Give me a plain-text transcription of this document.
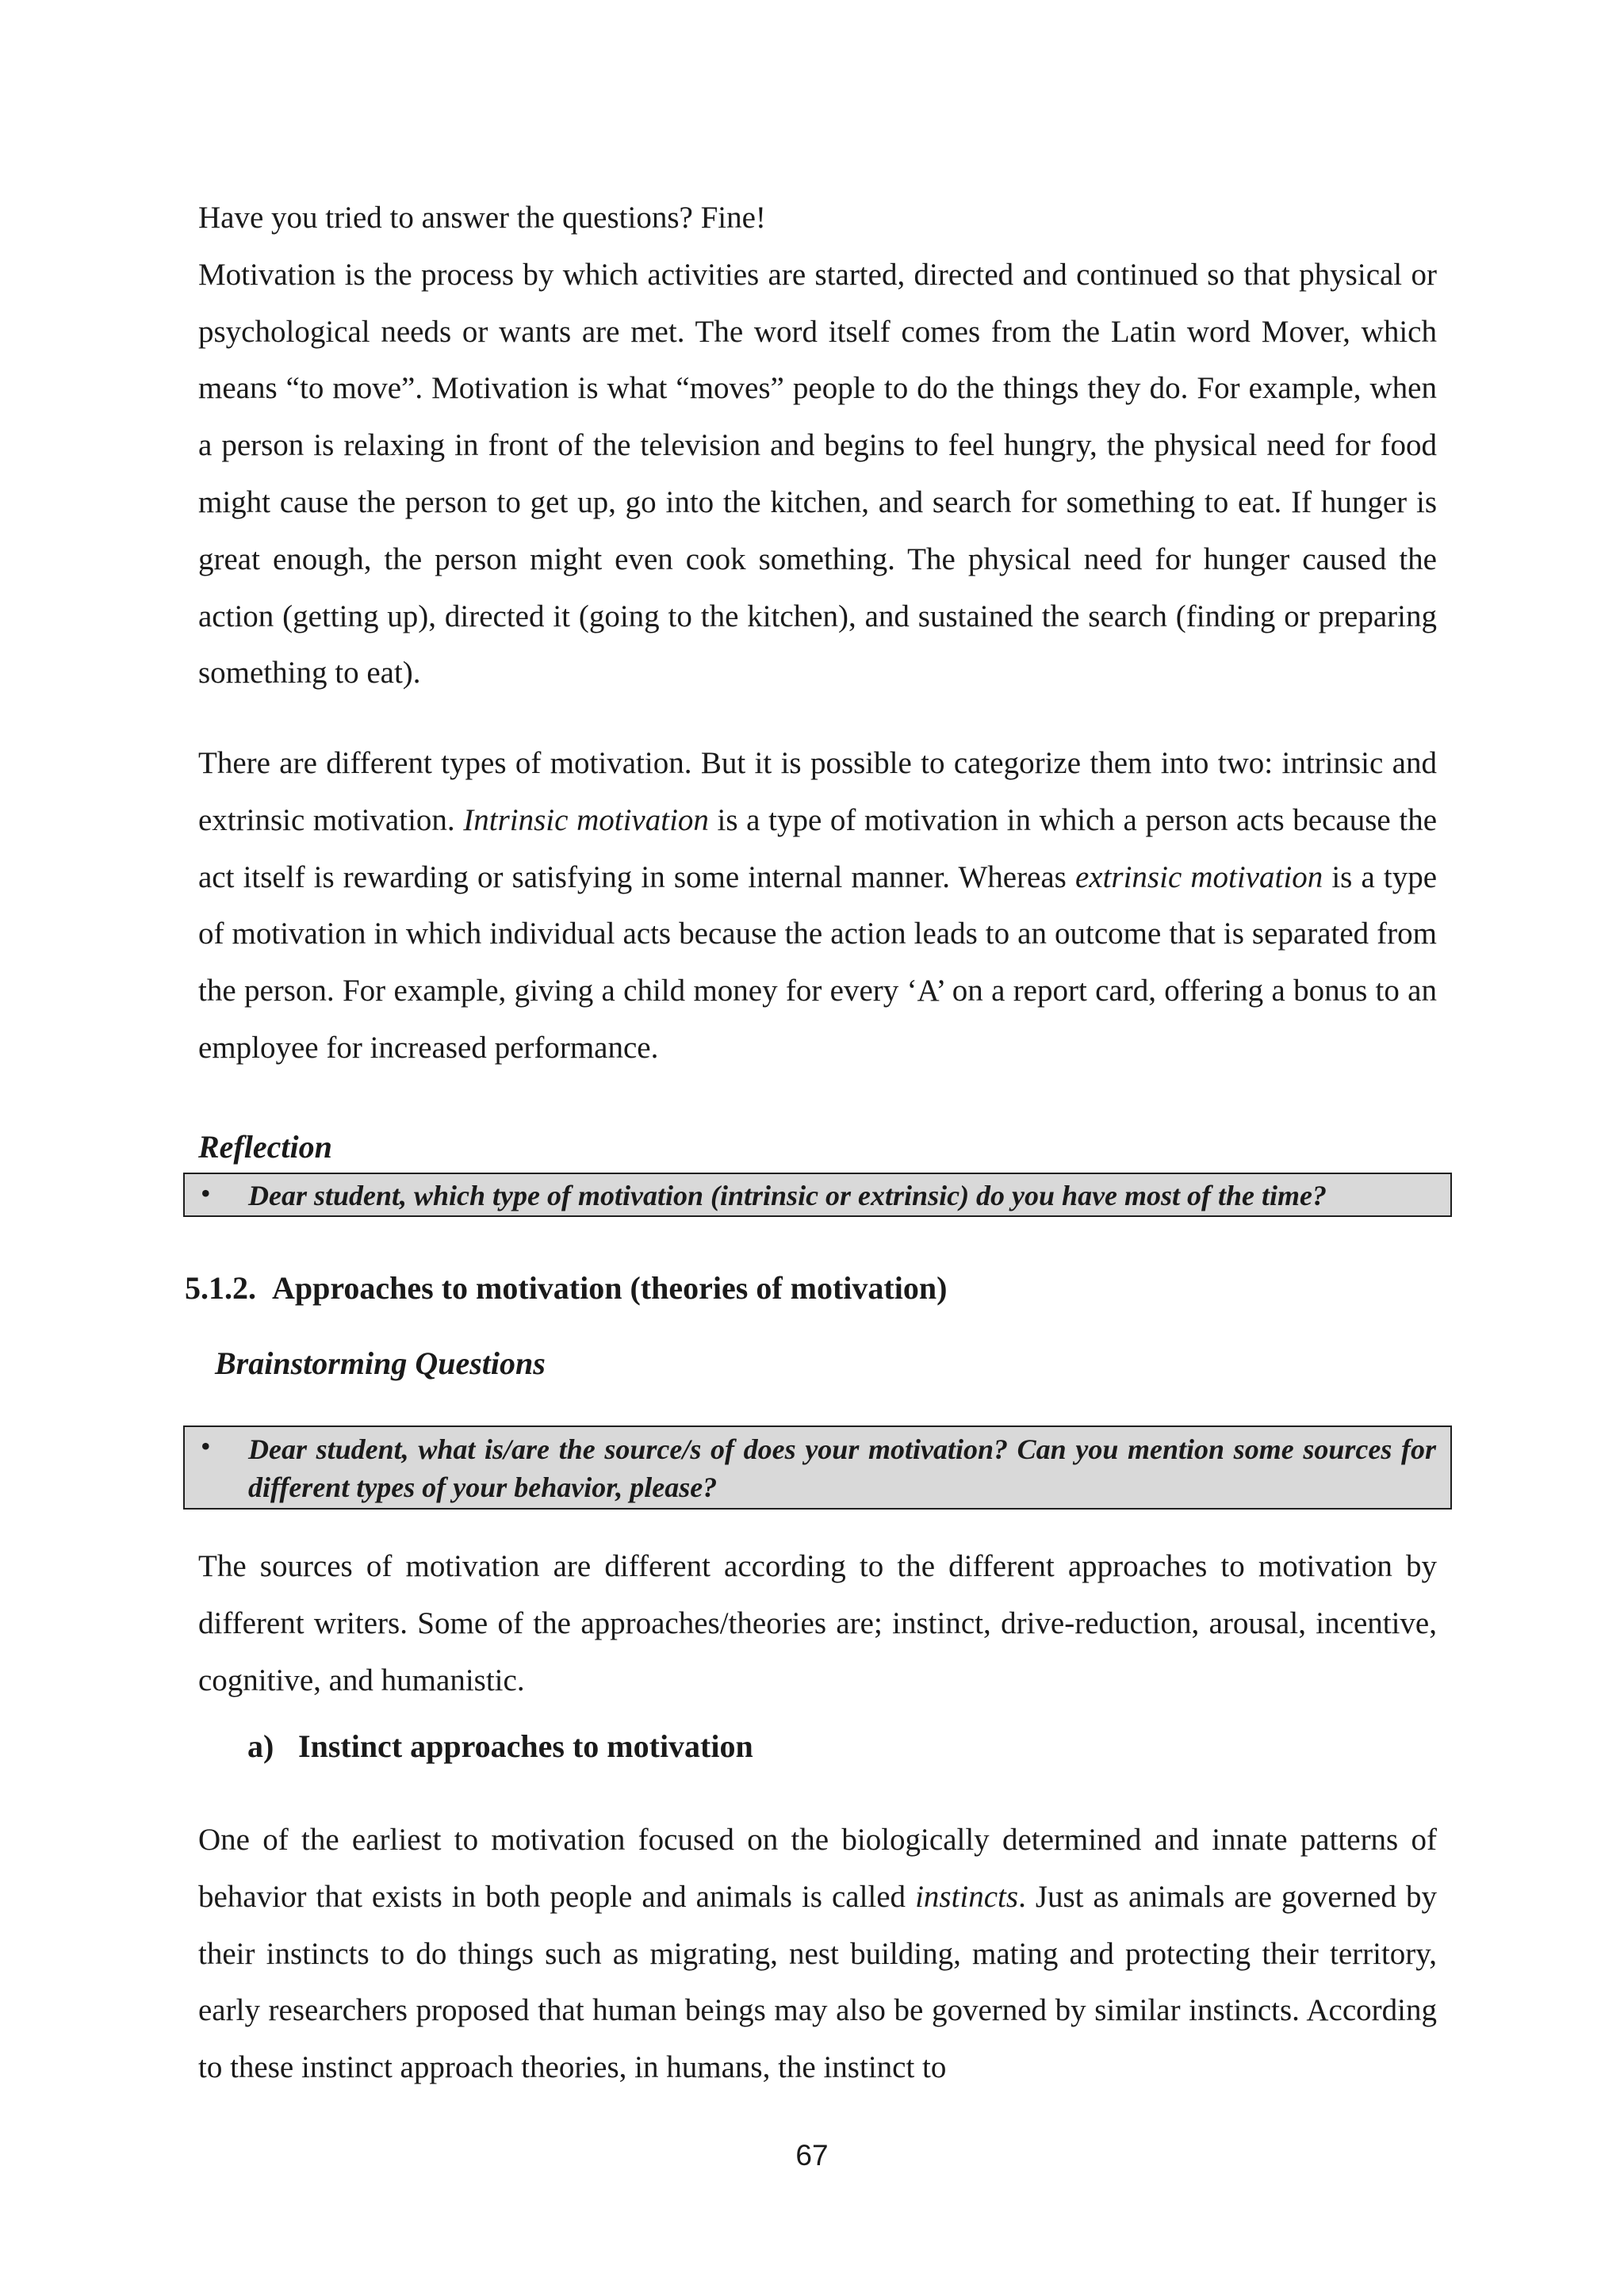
Have you tried to answer the questions? Fine!

Motivation is the process by which activities are started, directed and continued so that physical or psychological needs or wants are met. The word itself comes from the Latin word Mover, which means “to move”. Motivation is what “moves” people to do the things they do. For example, when a person is relaxing in front of the television and begins to feel hungry, the physical need for food might cause the person to get up, go into the kitchen, and search for something to eat. If hunger is great enough, the person might even cook something. The physical need for hunger caused the action (getting up), directed it (going to the kitchen), and sustained the search (finding or preparing something to eat).

There are different types of motivation. But it is possible to categorize them into two: intrinsic and extrinsic motivation. Intrinsic motivation is a type of motivation in which a person acts because the act itself is rewarding or satisfying in some internal manner. Whereas extrinsic motivation is a type of motivation in which individual acts because the action leads to an outcome that is separated from the person. For example, giving a child money for every ‘A’ on a report card, offering a bonus to an employee for increased performance.

Reflection
• Dear student, which type of motivation (intrinsic or extrinsic) do you have most of the time?
5.1.2. Approaches to motivation (theories of motivation)
Brainstorming Questions
• Dear student, what is/are the source/s of does your motivation? Can you mention some sources for different types of your behavior, please?

The sources of motivation are different according to the different approaches to motivation by different writers. Some of the approaches/theories are; instinct, drive-reduction, arousal, incentive, cognitive, and humanistic.

a) Instinct approaches to motivation

One of the earliest to motivation focused on the biologically determined and innate patterns of behavior that exists in both people and animals is called instincts. Just as animals are governed by their instincts to do things such as migrating, nest building, mating and protecting their territory, early researchers proposed that human beings may also be governed by similar instincts. According to these instinct approach theories, in humans, the instinct to

67
